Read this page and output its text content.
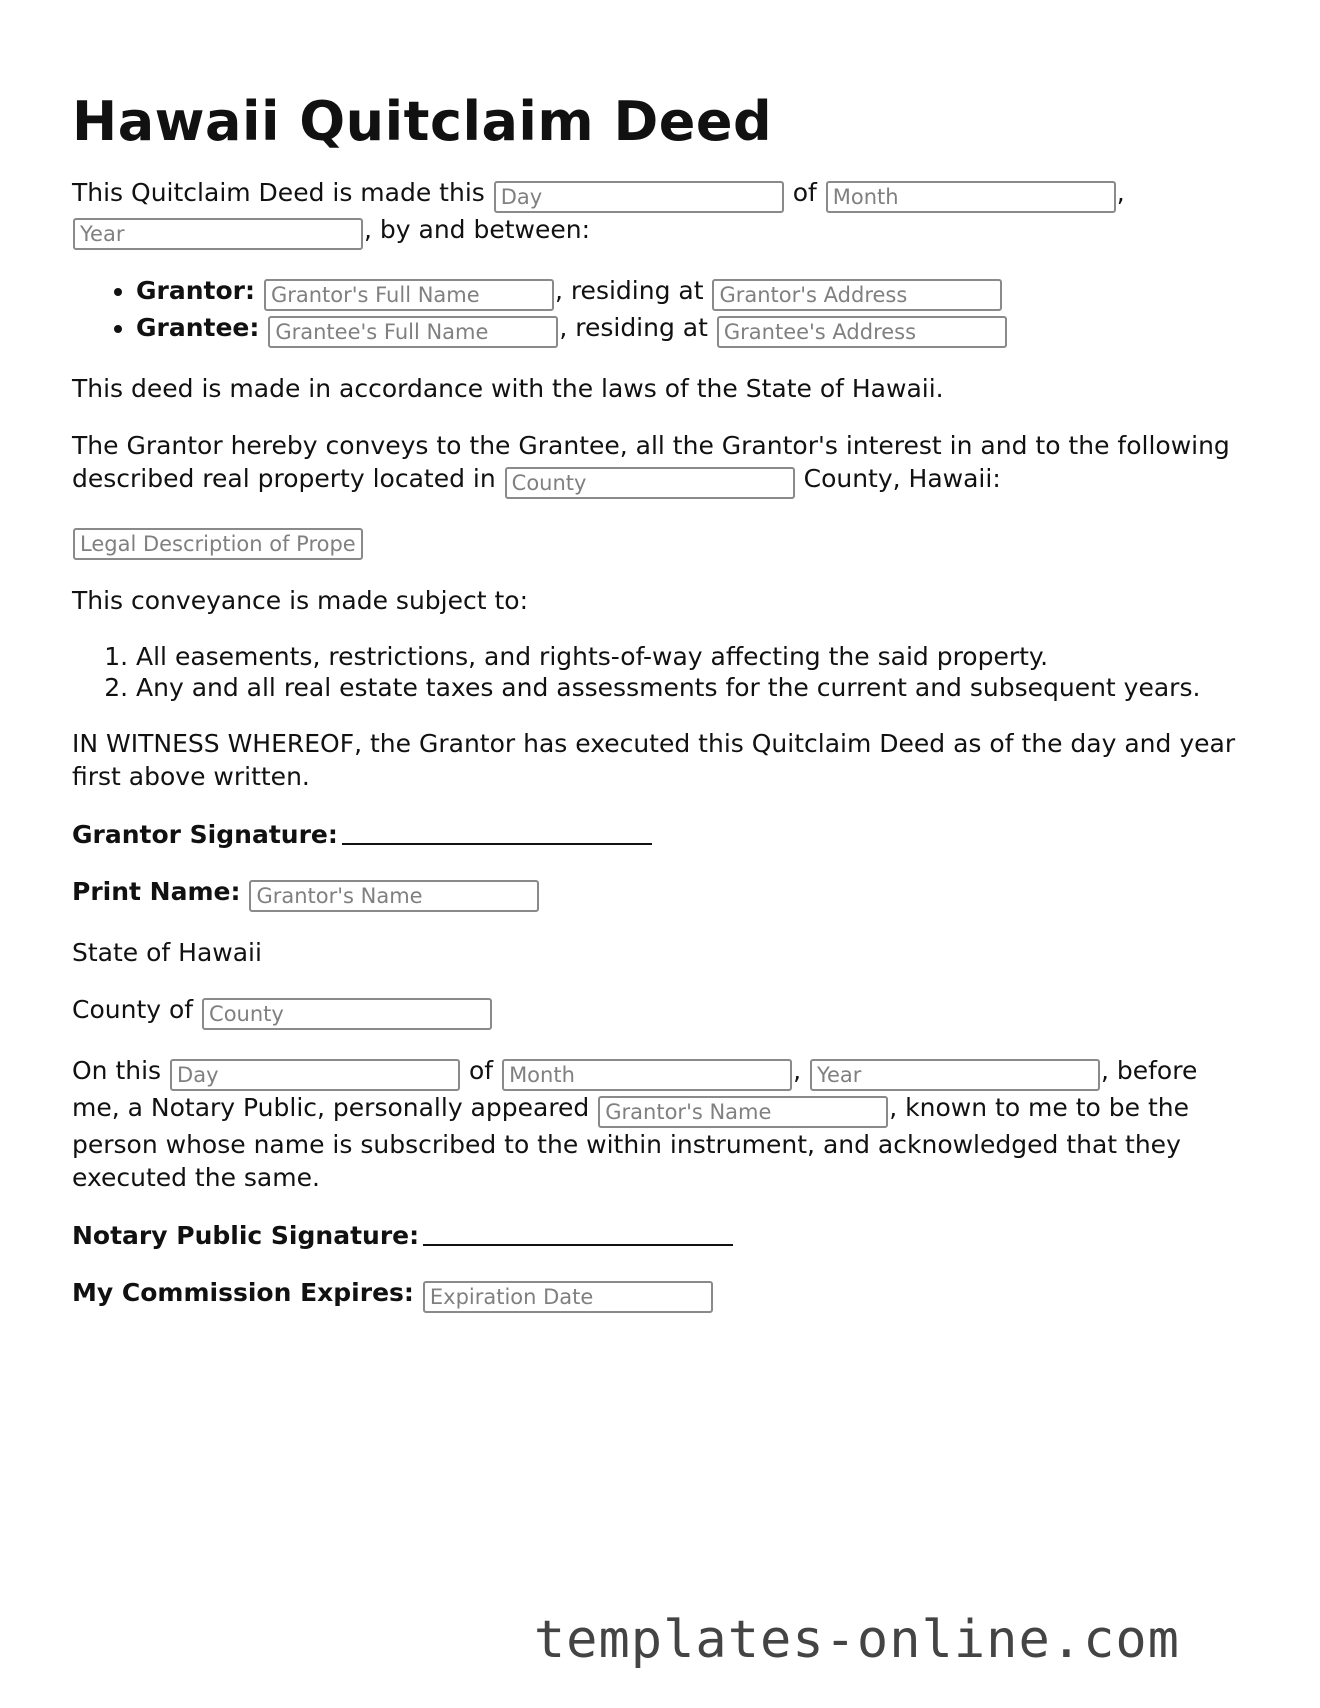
Hawaii Quitclaim Deed

This Quitclaim Deed is made this Day	of Month	,
Year, by and between:

• Grantor: Grantor's Full Name	, residing at Grantor's Address
• Grantee: Grantee's Full Name	, residing at Grantee's Address

This deed is made in accordance with the laws of the State of Hawaii.

The Grantor hereby conveys to the Grantee, all the Grantor's interest in and to the following described real property located in County	County, Hawaii:

Legal Description of Prope

This conveyance is made subject to:

1. All easements, restrictions, and rights-of-way affecting the said property.
2. Any and all real estate taxes and assessments for the current and subsequent years.

IN WITNESS WHEREOF, the Grantor has executed this Quitclaim Deed as of the day and year first above written.

Grantor Signature:

Print Name: Grantor's Name

State of Hawaii

County of County

On this Day	of Month	, Year	, before me, a Notary Public, personally appeared Grantor's Name	, known to me to be the person whose name is subscribed to the within instrument, and acknowledged that they executed the same.

Notary Public Signature:

My Commission Expires: Expiration Date

templates-online.com
